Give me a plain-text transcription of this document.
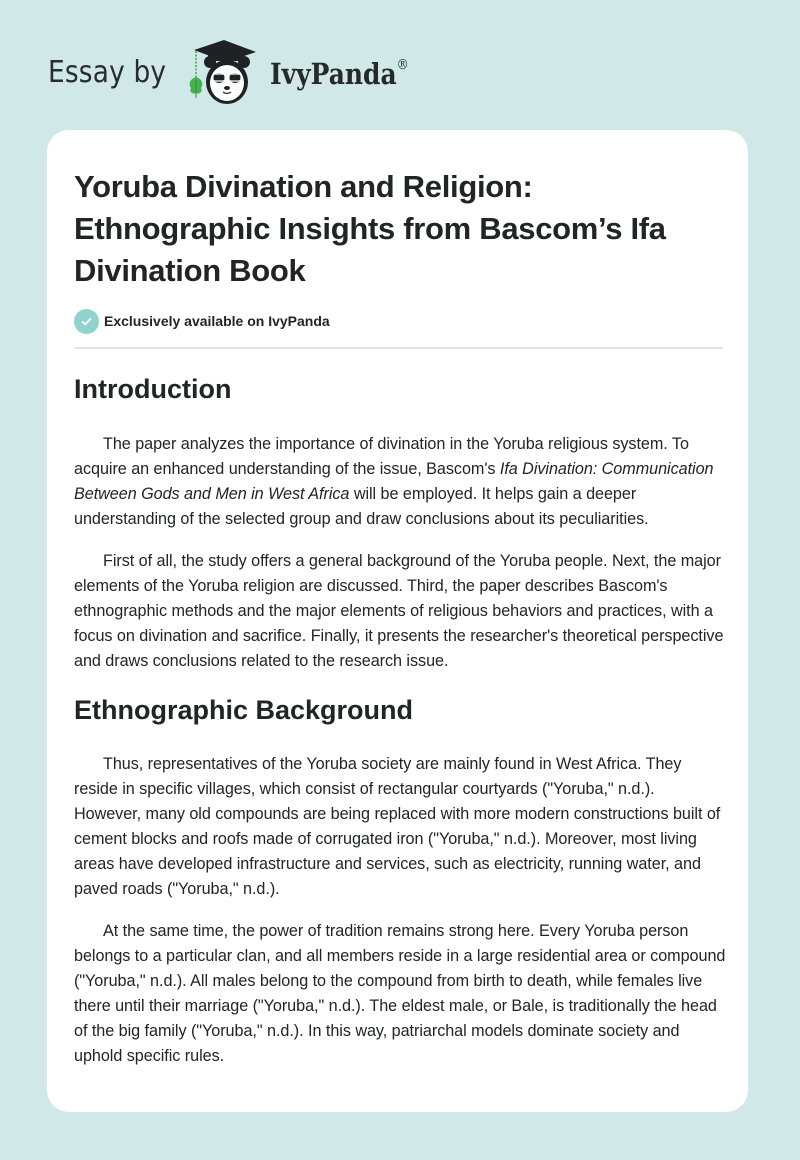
Essay by	IvyPanda®
Yoruba Divination and Religion: Ethnographic Insights from Bascom’s Ifa Divination Book
Exclusively available on IvyPanda
Introduction

The paper analyzes the importance of divination in the Yoruba religious system. To acquire an enhanced understanding of the issue, Bascom's Ifa Divination: Communication Between Gods and Men in West Africa will be employed. It helps gain a deeper understanding of the selected group and draw conclusions about its peculiarities.

First of all, the study offers a general background of the Yoruba people. Next, the major elements of the Yoruba religion are discussed. Third, the paper describes Bascom's ethnographic methods and the major elements of religious behaviors and practices, with a focus on divination and sacrifice. Finally, it presents the researcher's theoretical perspective and draws conclusions related to the research issue.

Ethnographic Background

Thus, representatives of the Yoruba society are mainly found in West Africa. They reside in specific villages, which consist of rectangular courtyards ("Yoruba," n.d.). However, many old compounds are being replaced with more modern constructions built of cement blocks and roofs made of corrugated iron ("Yoruba," n.d.). Moreover, most living areas have developed infrastructure and services, such as electricity, running water, and paved roads ("Yoruba," n.d.).

At the same time, the power of tradition remains strong here. Every Yoruba person belongs to a particular clan, and all members reside in a large residential area or compound ("Yoruba," n.d.). All males belong to the compound from birth to death, while females live there until their marriage ("Yoruba," n.d.). The eldest male, or Bale, is traditionally the head of the big family ("Yoruba," n.d.). In this way, patriarchal models dominate society and uphold specific rules.
